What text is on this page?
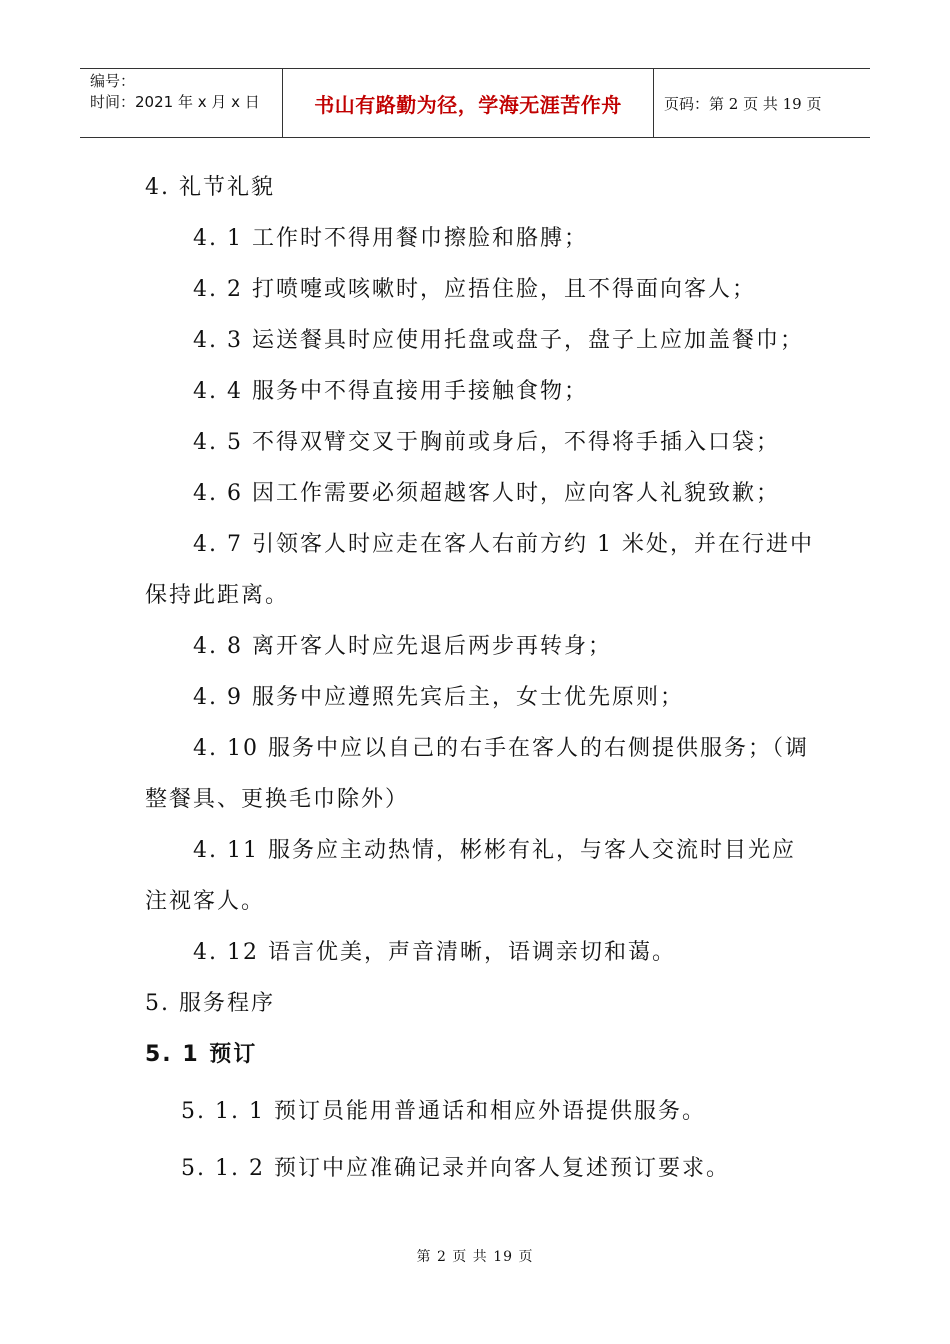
编号：
时间：2021 年 x 月 x 日	书山有路勤为径，学海无涯苦作舟	页码：第 2 页 共 19 页

4. 礼节礼貌

4. 1 工作时不得用餐巾擦脸和胳膊；

4. 2 打喷嚏或咳嗽时，应捂住脸，且不得面向客人；

4. 3 运送餐具时应使用托盘或盘子，盘子上应加盖餐巾；

4. 4 服务中不得直接用手接触食物；

4. 5 不得双臂交叉于胸前或身后，不得将手插入口袋；

4. 6 因工作需要必须超越客人时，应向客人礼貌致歉；

4. 7 引领客人时应走在客人右前方约 1 米处，并在行进中保持此距离。

4. 8 离开客人时应先退后两步再转身；

4. 9 服务中应遵照先宾后主，女士优先原则；

4. 10 服务中应以自己的右手在客人的右侧提供服务；（调整餐具、更换毛巾除外）

4. 11 服务应主动热情，彬彬有礼，与客人交流时目光应注视客人。

4. 12 语言优美，声音清晰，语调亲切和蔼。

5. 服务程序

5. 1 预订

5. 1. 1 预订员能用普通话和相应外语提供服务。

5. 1. 2 预订中应准确记录并向客人复述预订要求。

第 2 页 共 19 页
